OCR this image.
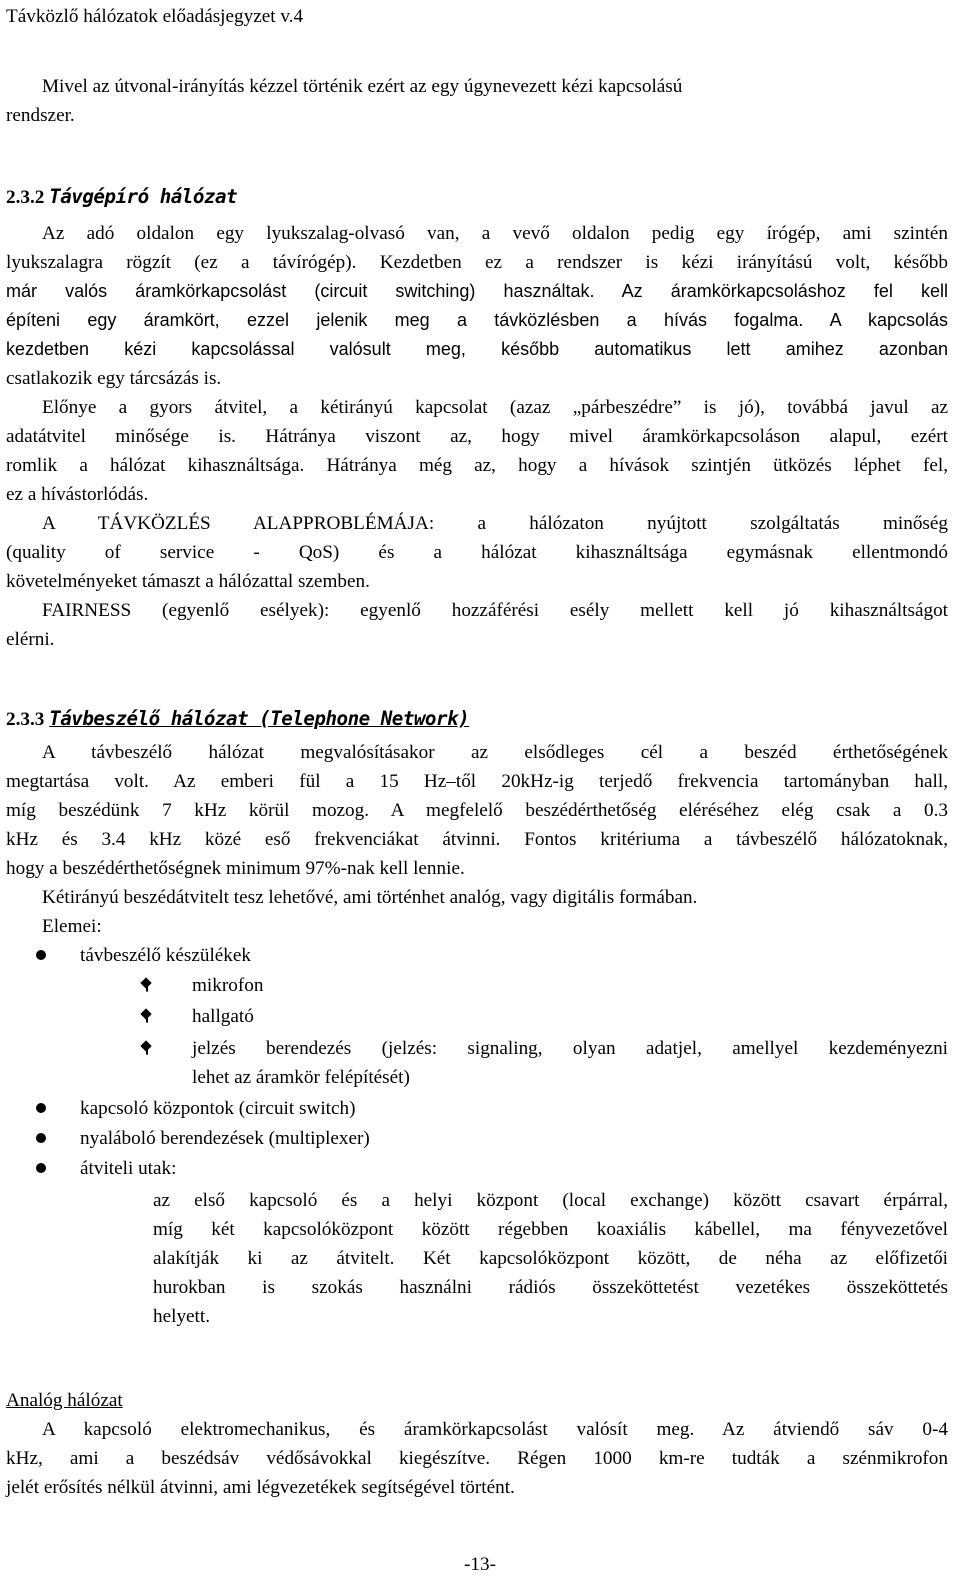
Távközlő hálózatok előadásjegyzet v.4
Mivel az útvonal-irányítás kézzel történik ezért az egy úgynevezett kézi kapcsolású
rendszer.
2.3.2 Távgépíró hálózat
Az adó oldalon egy lyukszalag-olvasó van, a vevő oldalon pedig egy írógép, ami szintén
lyukszalagra rögzít (ez a távírógép). Kezdetben ez a rendszer is kézi irányítású volt, később
már valós áramkörkapcsolást (circuit switching) használtak. Az áramkörkapcsoláshoz fel kell
építeni egy áramkört, ezzel jelenik meg a távközlésben a hívás fogalma. A kapcsolás
kezdetben kézi kapcsolással valósult meg, később automatikus lett amihez azonban
csatlakozik egy tárcsázás is.
Előnye a gyors átvitel, a kétirányú kapcsolat (azaz „párbeszédre” is jó), továbbá javul az
adatátvitel minősége is. Hátránya viszont az, hogy mivel áramkörkapcsoláson alapul, ezért
romlik a hálózat kihasználtsága. Hátránya még az, hogy a hívások szintjén ütközés léphet fel,
ez a hívástorlódás.
A TÁVKÖZLÉS ALAPPROBLÉMÁJA: a hálózaton nyújtott szolgáltatás minőség
(quality of service - QoS) és a hálózat kihasználtsága egymásnak ellentmondó
követelményeket támaszt a hálózattal szemben.
FAIRNESS (egyenlő esélyek): egyenlő hozzáférési esély mellett kell jó kihasználtságot
elérni.
2.3.3 Távbeszélő hálózat (Telephone Network)
A távbeszélő hálózat megvalósításakor az elsődleges cél a beszéd érthetőségének
megtartása volt. Az emberi fül a 15 Hz–től 20kHz-ig terjedő frekvencia tartományban hall,
míg beszédünk 7 kHz körül mozog. A megfelelő beszédérthetőség eléréséhez elég csak a 0.3
kHz és 3.4 kHz közé eső frekvenciákat átvinni. Fontos kritériuma a távbeszélő hálózatoknak,
hogy a beszédérthetőségnek minimum 97%-nak kell lennie.
Kétirányú beszédátvitelt tesz lehetővé, ami történhet analóg, vagy digitális formában.
Elemei:
távbeszélő készülékek
mikrofon
hallgató
jelzés berendezés (jelzés: signaling, olyan adatjel, amellyel kezdeményezni
lehet az áramkör felépítését)
kapcsoló központok (circuit switch)
nyaláboló berendezések (multiplexer)
átviteli utak:
az első kapcsoló és a helyi központ (local exchange) között csavart érpárral,
míg két kapcsolóközpont között régebben koaxiális kábellel, ma fényvezetővel
alakítják ki az átvitelt. Két kapcsolóközpont között, de néha az előfizetői
hurokban is szokás használni rádiós összeköttetést vezetékes összeköttetés
helyett.
Analóg hálózat
A kapcsoló elektromechanikus, és áramkörkapcsolást valósít meg. Az átviendő sáv 0-4
kHz, ami a beszédsáv védősávokkal kiegészítve. Régen 1000 km-re tudták a szénmikrofon
jelét erősítés nélkül átvinni, ami légvezetékek segítségével történt.
-13-
